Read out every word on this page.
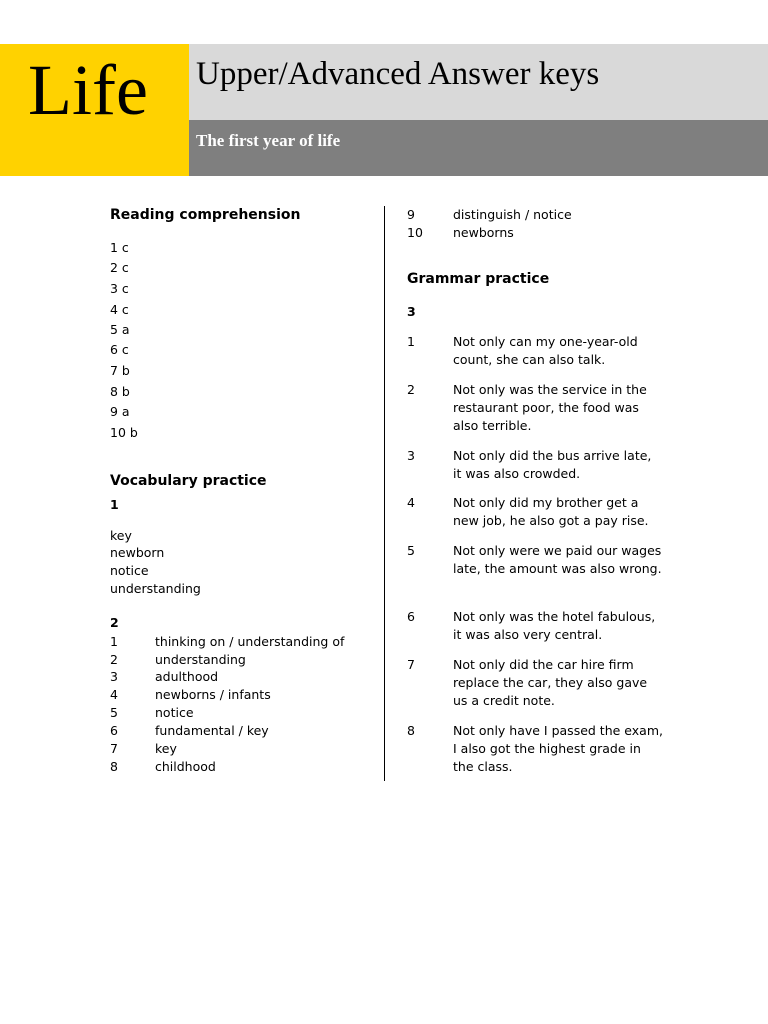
Life Upper/Advanced Answer keys
The first year of life
Reading comprehension
1 c
2 c
3 c
4 c
5 a
6 c
7 b
8 b
9 a
10 b
Vocabulary practice
1
key
newborn
notice
understanding
2
1	thinking on / understanding of
2	understanding
3	adulthood
4	newborns / infants
5	notice
6	fundamental / key
7	key
8	childhood
9	distinguish / notice
10 newborns
Grammar practice
3
1	Not only can my one-year-old count, she can also talk.
2	Not only was the service in the restaurant poor, the food was also terrible.
3	Not only did the bus arrive late, it was also crowded.
4	Not only did my brother get a new job, he also got a pay rise.
5	Not only were we paid our wages late, the amount was also wrong.
6	Not only was the hotel fabulous, it was also very central.
7	Not only did the car hire firm replace the car, they also gave us a credit note.
8	Not only have I passed the exam, I also got the highest grade in the class.
